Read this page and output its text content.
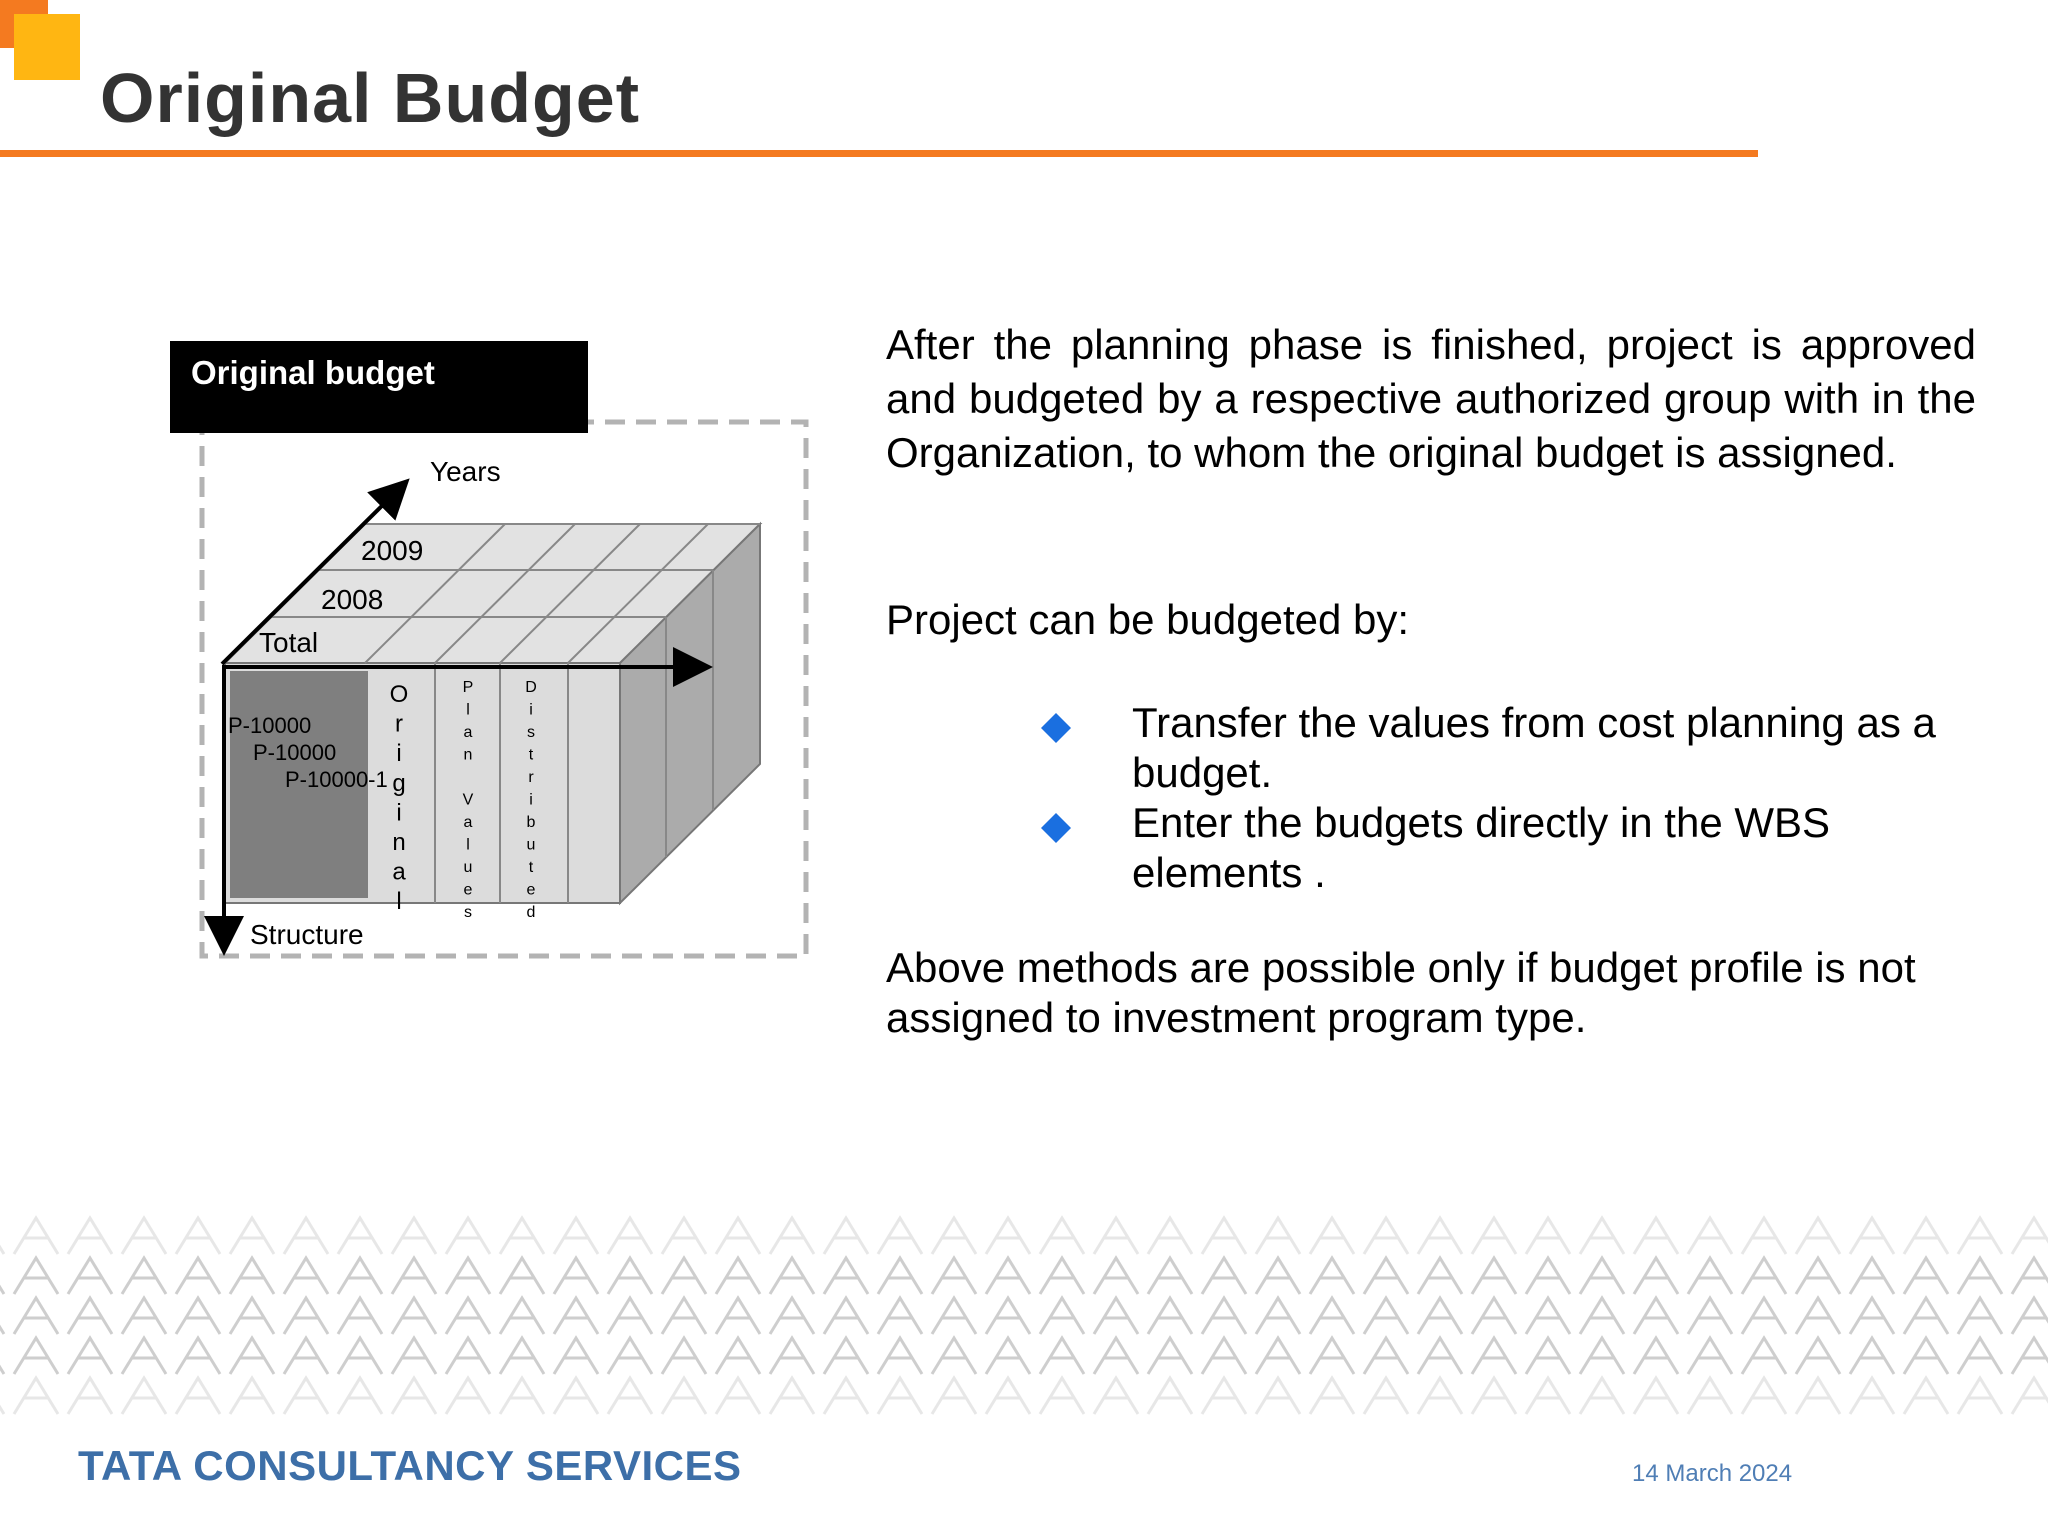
Original Budget
Original budget
Years
Structure
2009
2008
Total
P-10000
P-10000
P-10000-1
O
r
i
g
i
n
a
l
P
l
a
n
V
a
l
u
e
s
D
i
s
t
r
i
b
u
t
e
d
After the planning phase is finished, project is approved and budgeted by a respective authorized group with in the Organization, to whom the original budget is assigned.
Project can be budgeted by:
Transfer the values from cost planning as a budget.
Enter the budgets directly in the WBS elements .
Above methods are possible only if budget profile is not assigned to investment program type.
TATA CONSULTANCY SERVICES	14 March 2024
